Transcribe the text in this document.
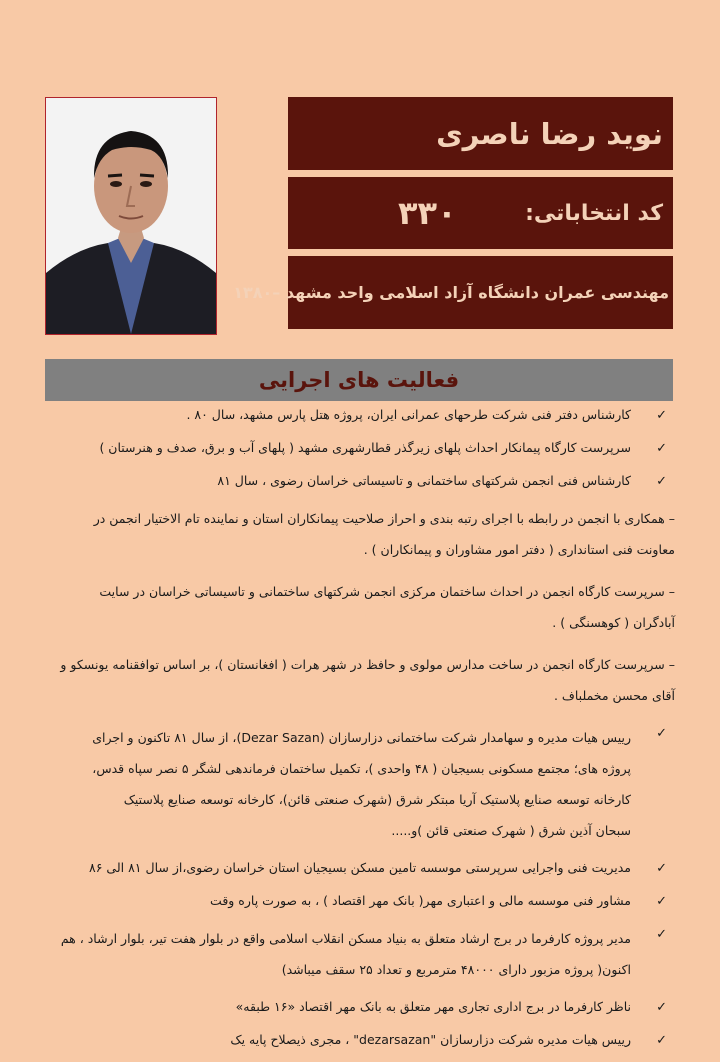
نوید رضا ناصری
کد انتخاباتی:
۳۳۰
مهندسی عمران دانشگاه آزاد اسلامی واحد مشهد –۱۳۸۰
فعالیت های اجرایی
✓
کارشناس دفتر فنی شرکت طرحهای عمرانی ایران، پروژه هتل پارس مشهد، سال ۸۰ .
✓
سرپرست کارگاه پیمانکار احداث پلهای زیرگذر قطارشهری مشهد ( پلهای آب و برق، صدف و هنرستان )
✓
کارشناس فنی انجمن شرکتهای ساختمانی و تاسیساتی خراسان رضوی ، سال ۸۱
– همکاری با انجمن در رابطه با اجرای رتبه بندی و احراز صلاحیت پیمانکاران استان و نماینده تام الاختیار انجمن در
معاونت فنی استانداری ( دفتر امور مشاوران و پیمانکاران ) .
– سرپرست کارگاه انجمن در احداث ساختمان مرکزی انجمن شرکتهای ساختمانی و تاسیساتی خراسان در سایت
آبادگران ( کوهسنگی ) .
– سرپرست کارگاه انجمن در ساخت مدارس مولوی و حافظ در شهر هرات ( افغانستان )، بر اساس توافقنامه یونسکو و
آقای محسن مخملباف .
✓
رییس هیات مدیره و سهامدار شرکت ساختمانی دزارسازان (Dezar Sazan)، از سال ۸۱ تاکنون و اجرای
پروژه های؛ مجتمع مسکونی بسیجیان ( ۴۸ واحدی )، تکمیل ساختمان فرماندهی لشگر ۵ نصر سپاه قدس،
کارخانه توسعه صنایع پلاستیک آریا مبتکر شرق (شهرک صنعتی قائن)، کارخانه توسعه صنایع پلاستیک
سبحان آذین شرق ( شهرک صنعتی قائن )و.....
✓
مدیریت فنی واجرایی سرپرستی موسسه تامین مسکن بسیجیان استان خراسان رضوی،از سال ۸۱ الی ۸۶
✓
مشاور فنی موسسه مالی و اعتباری مهر( بانک مهر اقتصاد ) ، به صورت پاره وقت
✓
مدیر پروژه کارفرما در برج ارشاد متعلق به بنیاد مسکن انقلاب اسلامی واقع در بلوار هفت تیر، بلوار ارشاد ، هم
اکنون( پروژه مزبور دارای ۴۸۰۰۰ مترمربع و تعداد ۲۵ سقف میباشد)
✓
ناظر کارفرما در برج اداری تجاری مهر متعلق به بانک مهر اقتصاد «۱۶ طبقه»
✓
رییس هیات مدیره شرکت دزارسازان "dezarsazan" ، مجری ذیصلاح پایه یک
